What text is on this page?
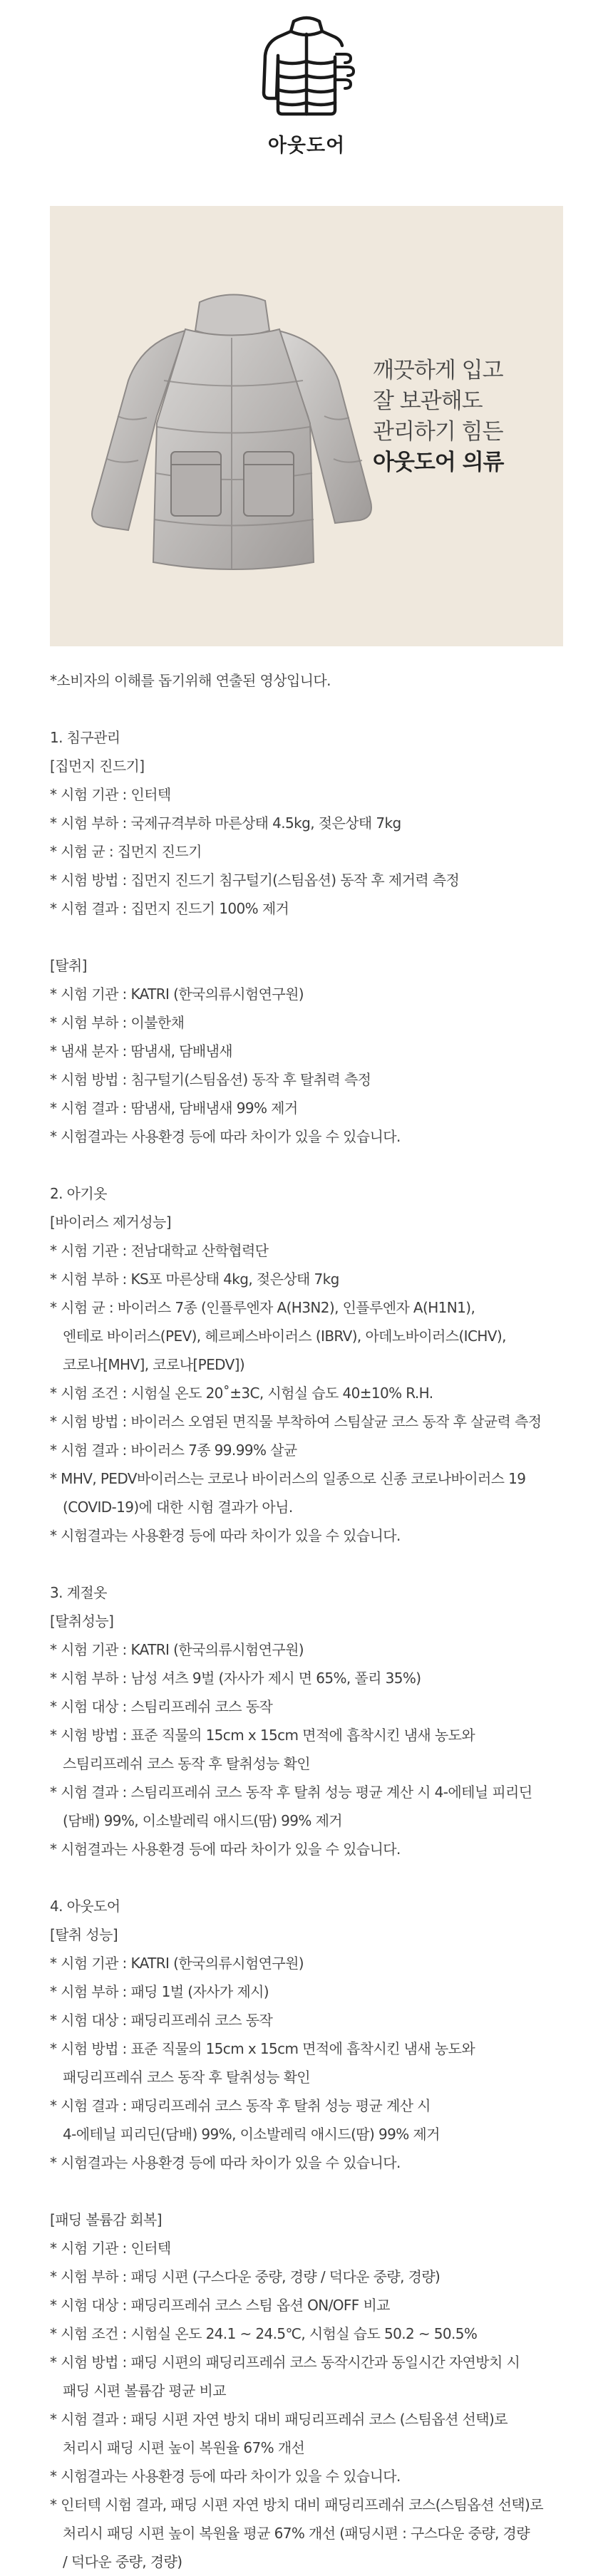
아웃도어
깨끗하게 입고
잘 보관해도
관리하기 힘든
아웃도어 의류
*소비자의 이해를 돕기위해 연출된 영상입니다.
1. 침구관리
[집먼지 진드기]
* 시험 기관 : 인터텍
* 시험 부하 : 국제규격부하 마른상태 4.5kg, 젖은상태 7kg
* 시험 균 : 집먼지 진드기
* 시험 방법 : 집먼지 진드기 침구털기(스팀옵션) 동작 후 제거력 측정
* 시험 결과 : 집먼지 진드기 100% 제거
[탈취]
* 시험 기관 : KATRI (한국의류시험연구원)
* 시험 부하 : 이불한채
* 냄새 분자 : 땀냄새, 담배냄새
* 시험 방법 : 침구털기(스팀옵션) 동작 후 탈취력 측정
* 시험 결과 : 땀냄새, 담배냄새 99% 제거
* 시험결과는 사용환경 등에 따라 차이가 있을 수 있습니다.
2. 아기옷
[바이러스 제거성능]
* 시험 기관 : 전남대학교 산학협력단
* 시험 부하 : KS포 마른상태 4kg, 젖은상태 7kg
* 시험 균 : 바이러스 7종 (인플루엔자 A(H3N2), 인플루엔자 A(H1N1),
엔테로 바이러스(PEV), 헤르페스바이러스 (IBRV), 아데노바이러스(ICHV),
코로나[MHV], 코로나[PEDV])
* 시험 조건 : 시험실 온도 20˚±3C, 시험실 습도 40±10% R.H.
* 시험 방법 : 바이러스 오염된 면직물 부착하여 스팀살균 코스 동작 후 살균력 측정
* 시험 결과 : 바이러스 7종 99.99% 살균
* MHV, PEDV바이러스는 코로나 바이러스의 일종으로 신종 코로나바이러스 19
(COVID-19)에 대한 시험 결과가 아님.
* 시험결과는 사용환경 등에 따라 차이가 있을 수 있습니다.
3. 계절옷
[탈취성능]
* 시험 기관 : KATRI (한국의류시험연구원)
* 시험 부하 : 남성 셔츠 9벌 (자사가 제시 면 65%, 폴리 35%)
* 시험 대상 : 스팀리프레쉬 코스 동작
* 시험 방법 : 표준 직물의 15cm x 15cm 면적에 흡착시킨 냄새 농도와
스팀리프레쉬 코스 동작 후 탈취성능 확인
* 시험 결과 : 스팀리프레쉬 코스 동작 후 탈취 성능 평균 계산 시 4-에테닐 피리딘
(담배) 99%, 이소발레릭 애시드(땀) 99% 제거
* 시험결과는 사용환경 등에 따라 차이가 있을 수 있습니다.
4. 아웃도어
[탈취 성능]
* 시험 기관 : KATRI (한국의류시험연구원)
* 시험 부하 : 패딩 1벌 (자사가 제시)
* 시험 대상 : 패딩리프레쉬 코스 동작
* 시험 방법 : 표준 직물의 15cm x 15cm 면적에 흡착시킨 냄새 농도와
패딩리프레쉬 코스 동작 후 탈취성능 확인
* 시험 결과 : 패딩리프레쉬 코스 동작 후 탈취 성능 평균 계산 시
4-에테닐 피리딘(담배) 99%, 이소발레릭 애시드(땀) 99% 제거
* 시험결과는 사용환경 등에 따라 차이가 있을 수 있습니다.
[패딩 볼륨감 회복]
* 시험 기관 : 인터텍
* 시험 부하 : 패딩 시편 (구스다운 중량, 경량 / 덕다운 중량, 경량)
* 시험 대상 : 패딩리프레쉬 코스 스팀 옵션 ON/OFF 비교
* 시험 조건 : 시험실 온도 24.1 ~ 24.5℃, 시험실 습도 50.2 ~ 50.5%
* 시험 방법 : 패딩 시편의 패딩리프레쉬 코스 동작시간과 동일시간 자연방치 시
패딩 시편 볼륨감 평균 비교
* 시험 결과 : 패딩 시편 자연 방치 대비 패딩리프레쉬 코스 (스팀옵션 선택)로
처리시 패딩 시편 높이 복원율 67% 개선
* 시험결과는 사용환경 등에 따라 차이가 있을 수 있습니다.
* 인터텍 시험 결과, 패딩 시편 자연 방치 대비 패딩리프레쉬 코스(스팀옵션 선택)로
처리시 패딩 시편 높이 복원율 평균 67% 개선 (패딩시편 : 구스다운 중량, 경량
/ 덕다운 중량, 경량)
